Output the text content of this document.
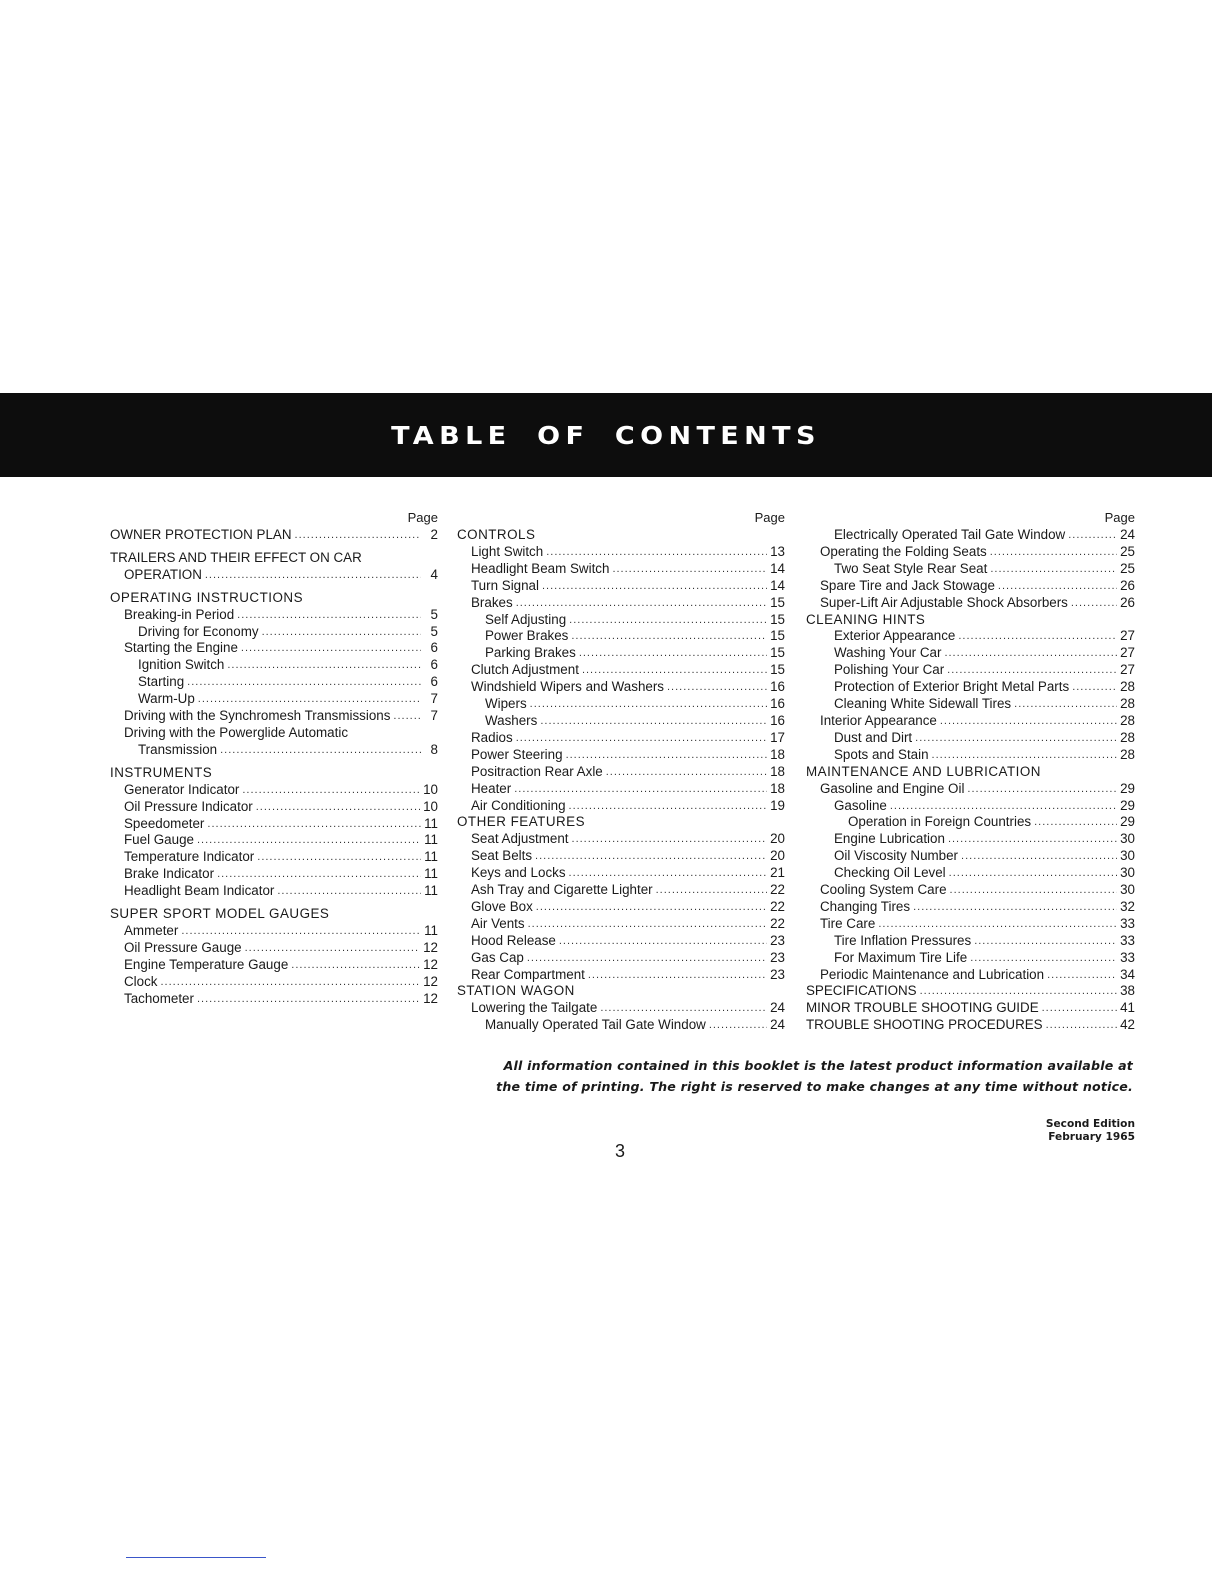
TABLE OF CONTENTS
Page
OWNER PROTECTION PLAN .....	2
TRAILERS AND THEIR EFFECT ON CAR
OPERATION .....	4
OPERATING INSTRUCTIONS
Breaking-in Period .....	5
Driving for Economy .....	5
Starting the Engine .....	6
Ignition Switch .....	6
Starting .....	6
Warm-Up .....	7
Driving with the Synchromesh Transmissions .....	7
Driving with the Powerglide Automatic
Transmission .....	8
INSTRUMENTS
Generator Indicator .....	10
Oil Pressure Indicator .....	10
Speedometer .....	11
Fuel Gauge .....	11
Temperature Indicator .....	11
Brake Indicator .....	11
Headlight Beam Indicator .....	11
SUPER SPORT MODEL GAUGES
Ammeter .....	11
Oil Pressure Gauge .....	12
Engine Temperature Gauge .....	12
Clock .....	12
Tachometer .....	12
Page
CONTROLS
Light Switch .....	13
Headlight Beam Switch .....	14
Turn Signal .....	14
Brakes .....	15
Self Adjusting .....	15
Power Brakes .....	15
Parking Brakes .....	15
Clutch Adjustment .....	15
Windshield Wipers and Washers .....	16
Wipers .....	16
Washers .....	16
Radios .....	17
Power Steering .....	18
Positraction Rear Axle .....	18
Heater .....	18
Air Conditioning .....	19
OTHER FEATURES
Seat Adjustment .....	20
Seat Belts .....	20
Keys and Locks .....	21
Ash Tray and Cigarette Lighter .....	22
Glove Box .....	22
Air Vents .....	22
Hood Release .....	23
Gas Cap .....	23
Rear Compartment .....	23
STATION WAGON
Lowering the Tailgate .....	24
Manually Operated Tail Gate Window .....	24
Page
Electrically Operated Tail Gate Window .....	24
Operating the Folding Seats .....	25
Two Seat Style Rear Seat .....	25
Spare Tire and Jack Stowage .....	26
Super-Lift Air Adjustable Shock Absorbers .....	26
CLEANING HINTS
Exterior Appearance .....	27
Washing Your Car .....	27
Polishing Your Car .....	27
Protection of Exterior Bright Metal Parts .....	28
Cleaning White Sidewall Tires .....	28
Interior Appearance .....	28
Dust and Dirt .....	28
Spots and Stain .....	28
MAINTENANCE AND LUBRICATION
Gasoline and Engine Oil .....	29
Gasoline .....	29
Operation in Foreign Countries .....	29
Engine Lubrication .....	30
Oil Viscosity Number .....	30
Checking Oil Level .....	30
Cooling System Care .....	30
Changing Tires .....	32
Tire Care .....	33
Tire Inflation Pressures .....	33
For Maximum Tire Life .....	33
Periodic Maintenance and Lubrication .....	34
SPECIFICATIONS .....	38
MINOR TROUBLE SHOOTING GUIDE .....	41
TROUBLE SHOOTING PROCEDURES .....	42
All information contained in this booklet is the latest product information available at
the time of printing. The right is reserved to make changes at any time without notice.
Second Edition
February 1965
3
